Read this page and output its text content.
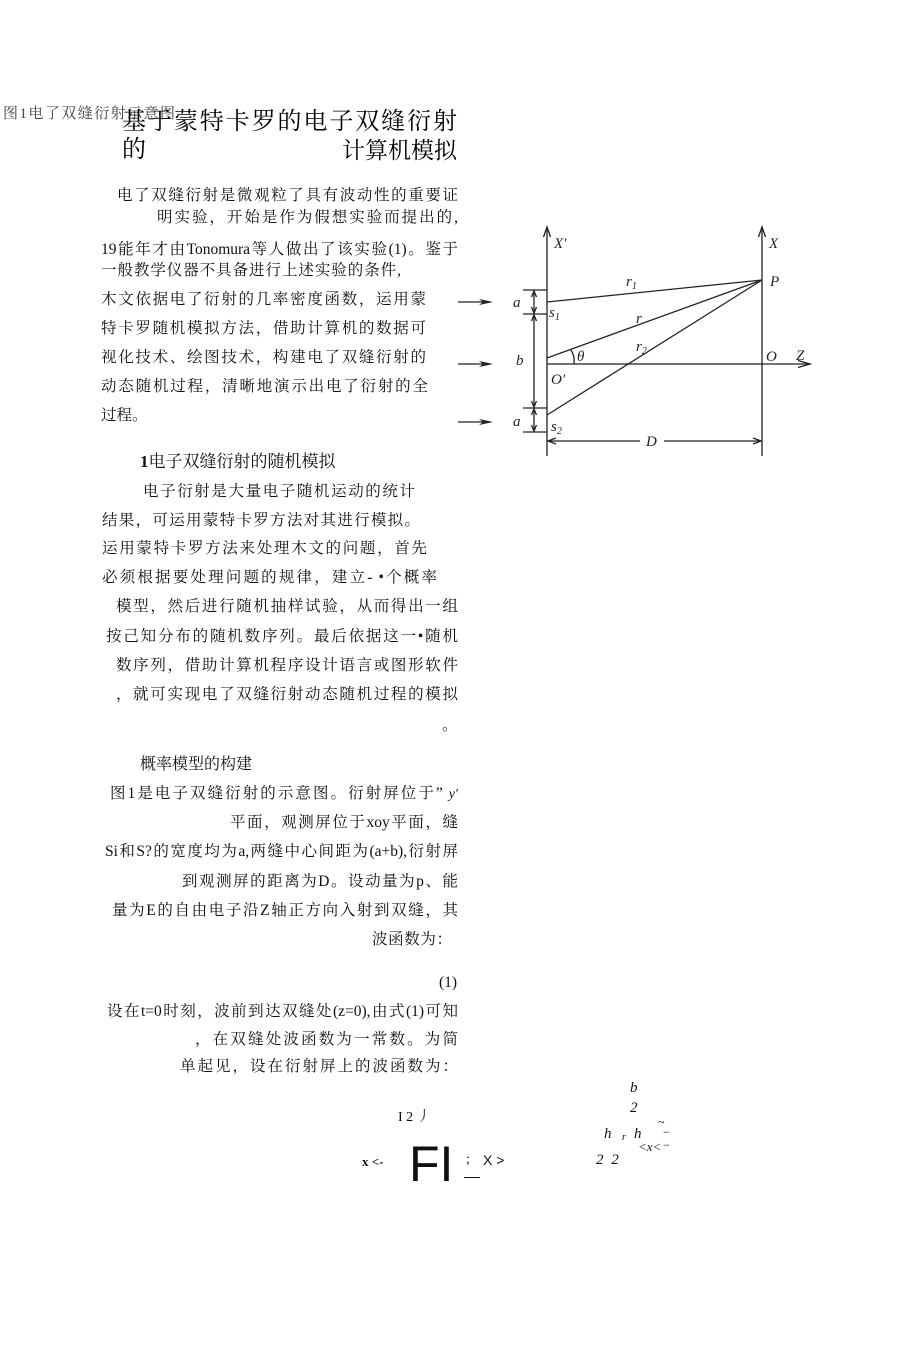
图1电了双缝衍射示意图
基于蒙特卡罗的电子双缝衍射的	计算机模拟
电了双缝衍射是微观粒了具有波动性的重要证
明实验，开始是作为假想实验而提出的,
19能年才由Tonomura等人做出了该实验(1)。鉴于
一般教学仪器不具备进行上述实验的条件,
木文依据电了衍射的几率密度函数，运用蒙
特卡罗随机模拟方法，借助计算机的数据可
视化技术、绘图技术，构建电了双缝衍射的
动态随机过程，清晰地演示出电了衍射的全
过程。
1电子双缝衍射的随机模拟
电子衍射是大量电子随机运动的统计
结果，可运用蒙特卡罗方法对其进行模拟。
运用蒙特卡罗方法来处理木文的问题，首先
必须根据要处理问题的规律，建立- •个概率
模型，然后进行随机抽样试验，从而得出一组
按己知分布的随机数序列。最后依据这一•随机
数序列，借助计算机程序设计语言或图形软件
，就可实现电了双缝衍射动态随机过程的模拟
。
概率模型的构建
图1是电子双缝衍射的示意图。衍射屏位于” y′
平面，观测屏位于xoy平面，缝
Si和S?的宽度均为a,两缝中心间距为(a+b),衍射屏
到观测屏的距离为D。设动量为p、能
量为E的自由电子沿Z轴正方向入射到双缝，其
波函数为：
(1)
设在t=0时刻，波前到达双缝处(z=0),由式(1)可知
，在双缝处波函数为一常数。为简
单起见，设在衍射屏上的波函数为：
I 2 丿
x <- FI ; X >
b
2
h r h
~
−
<x< −
2 2
X′	X
P
$r_1$
r
$r_2$
θ	O Z
O′
a
b
a
$s_1$
$s_2$
D
